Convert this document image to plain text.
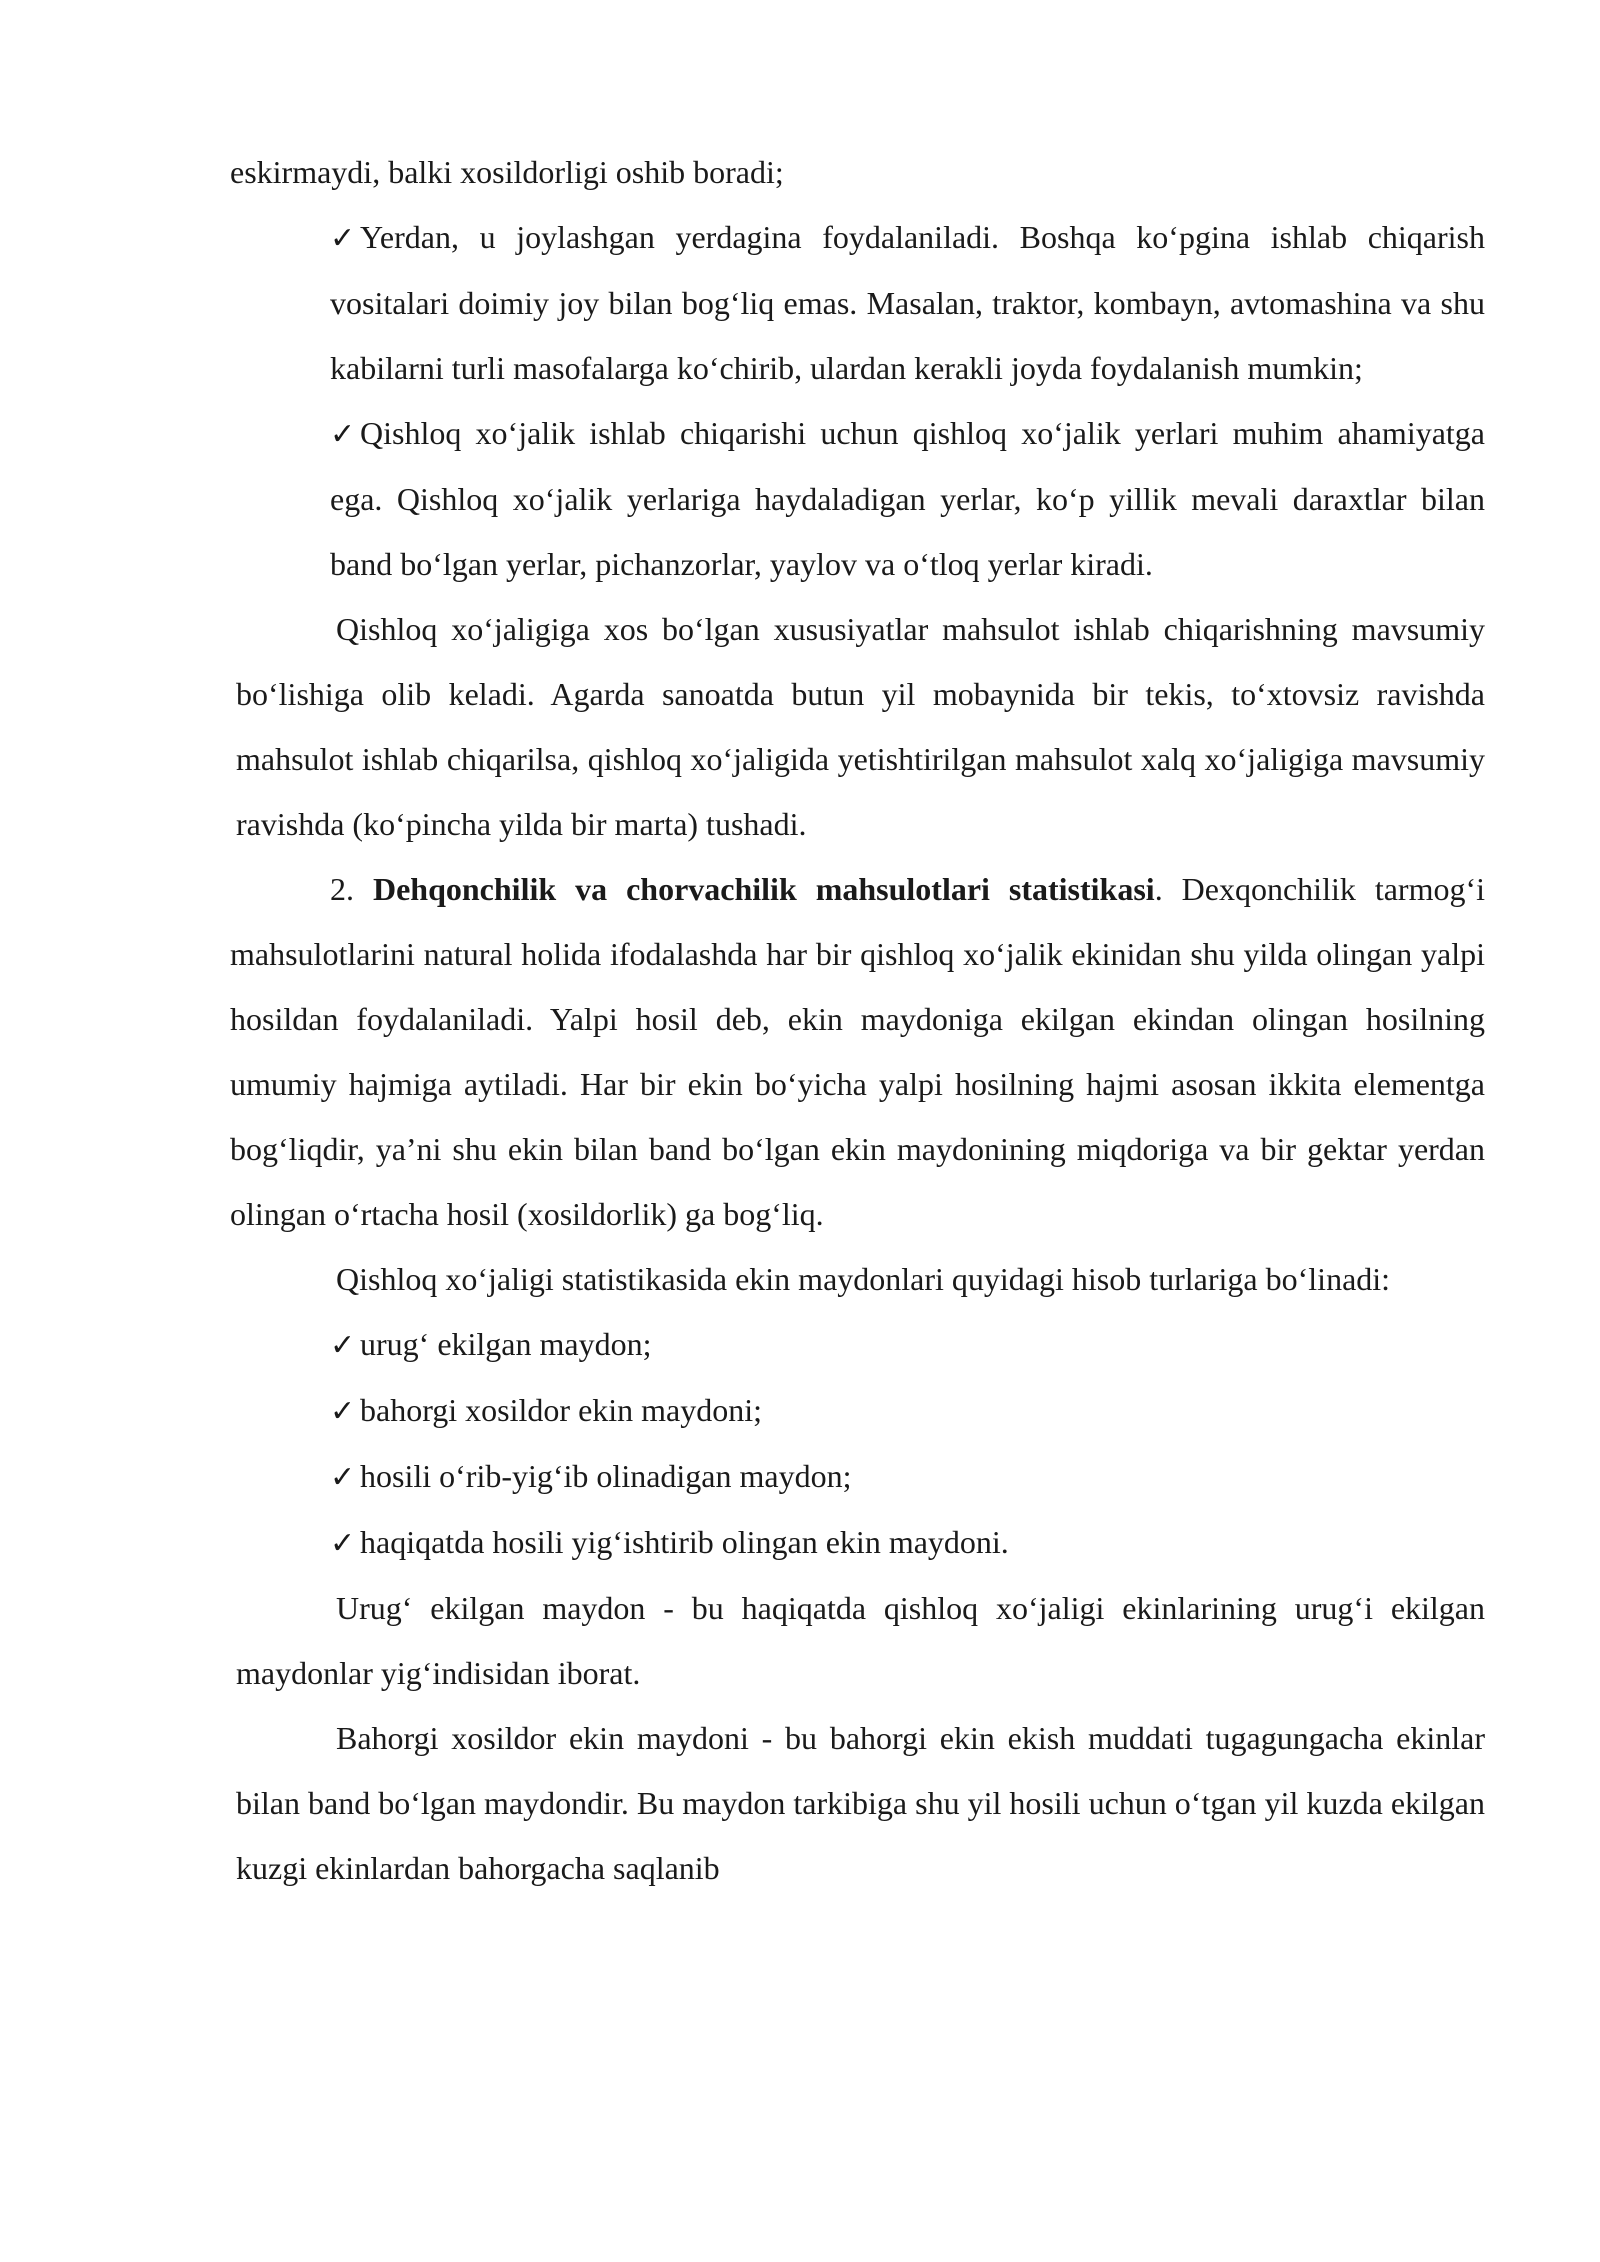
eskirmaydi, balki xosildorligi oshib boradi;

✓ Yerdan, u joylashgan yerdagina foydalaniladi. Boshqa ko‘pgina ishlab chiqarish vositalari doimiy joy bilan bog‘liq emas. Masalan, traktor, kombayn, avtomashina va shu kabilarni turli masofalarga ko‘chirib, ulardan kerakli joyda foydalanish mumkin;

✓ Qishloq xo‘jalik ishlab chiqarishi uchun qishloq xo‘jalik yerlari muhim ahamiyatga ega. Qishloq xo‘jalik yerlariga haydaladigan yerlar, ko‘p yillik mevali daraxtlar bilan band bo‘lgan yerlar, pichanzorlar, yaylov va o‘tloq yerlar kiradi.

Qishloq xo‘jaligiga xos bo‘lgan xususiyatlar mahsulot ishlab chiqarishning mavsumiy bo‘lishiga olib keladi. Agarda sanoatda butun yil mobaynida bir tekis, to‘xtovsiz ravishda mahsulot ishlab chiqarilsa, qishloq xo‘jaligida yetishtirilgan mahsulot xalq xo‘jaligiga mavsumiy ravishda (ko‘pincha yilda bir marta) tushadi.

2. Dehqonchilik va chorvachilik mahsulotlari statistikasi. Dexqonchilik tarmog‘i mahsulotlarini natural holida ifodalashda har bir qishloq xo‘jalik ekinidan shu yilda olingan yalpi hosildan foydalaniladi. Yalpi hosil deb, ekin maydoniga ekilgan ekindan olingan hosilning umumiy hajmiga aytiladi. Har bir ekin bo‘yicha yalpi hosilning hajmi asosan ikkita elementga bog‘liqdir, ya’ni shu ekin bilan band bo‘lgan ekin maydonining miqdoriga va bir gektar yerdan olingan o‘rtacha hosil (xosildorlik) ga bog‘liq.

Qishloq xo‘jaligi statistikasida ekin maydonlari quyidagi hisob turlariga bo‘linadi:

✓ urug‘ ekilgan maydon;

✓ bahorgi xosildor ekin maydoni;

✓ hosili o‘rib-yig‘ib olinadigan maydon;

✓ haqiqatda hosili yig‘ishtirib olingan ekin maydoni.

Urug‘ ekilgan maydon - bu haqiqatda qishloq xo‘jaligi ekinlarining urug‘i ekilgan maydonlar yig‘indisidan iborat.

Bahorgi xosildor ekin maydoni - bu bahorgi ekin ekish muddati tugagungacha ekinlar bilan band bo‘lgan maydondir. Bu maydon tarkibiga shu yil hosili uchun o‘tgan yil kuzda ekilgan kuzgi ekinlardan bahorgacha saqlanib
